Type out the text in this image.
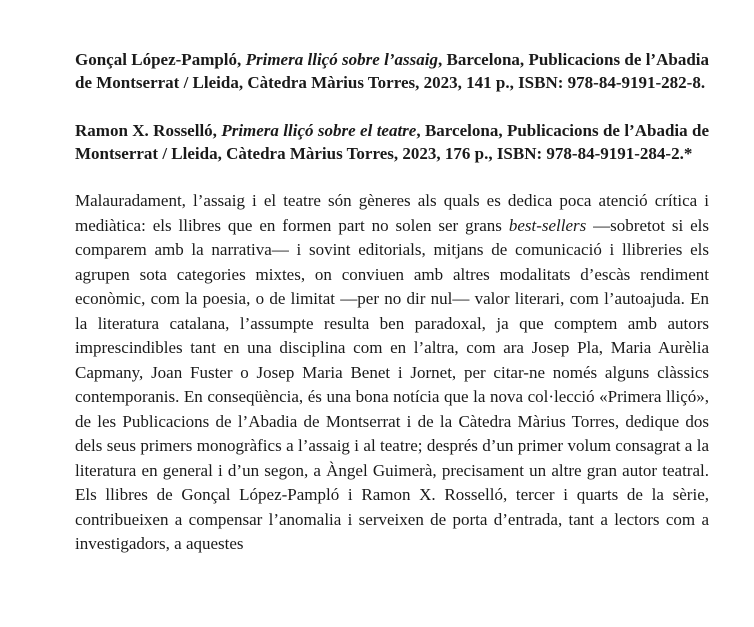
Gonçal López-Pampló, Primera lliçó sobre l’assaig, Barcelona, Publicacions de l’Abadia de Montserrat / Lleida, Càtedra Màrius Torres, 2023, 141 p., ISBN: 978-84-9191-282-8.

Ramon X. Rosselló, Primera lliçó sobre el teatre, Barcelona, Publicacions de l’Abadia de Montserrat / Lleida, Càtedra Màrius Torres, 2023, 176 p., ISBN: 978-84-9191-284-2.*

Malauradament, l’assaig i el teatre són gèneres als quals es dedica poca atenció crítica i mediàtica: els llibres que en formen part no solen ser grans best-sellers —sobretot si els comparem amb la narrativa— i sovint editorials, mitjans de comunicació i llibreries els agrupen sota categories mixtes, on conviuen amb altres modalitats d’escàs rendiment econòmic, com la poesia, o de limitat —per no dir nul— valor literari, com l’autoajuda. En la literatura catalana, l’assumpte resulta ben paradoxal, ja que comptem amb autors imprescindibles tant en una disciplina com en l’altra, com ara Josep Pla, Maria Aurèlia Capmany, Joan Fuster o Josep Maria Benet i Jornet, per citar-ne només alguns clàssics contemporanis. En conseqüència, és una bona notícia que la nova col·lecció «Primera lliçó», de les Publicacions de l’Abadia de Montserrat i de la Càtedra Màrius Torres, dedique dos dels seus primers monogràfics a l’assaig i al teatre; després d’un primer volum consagrat a la literatura en general i d’un segon, a Àngel Guimerà, precisament un altre gran autor teatral. Els llibres de Gonçal López-Pampló i Ramon X. Rosselló, tercer i quarts de la sèrie, contribueixen a compensar l’anomalia i serveixen de porta d’entrada, tant a lectors com a investigadors, a aquestes
